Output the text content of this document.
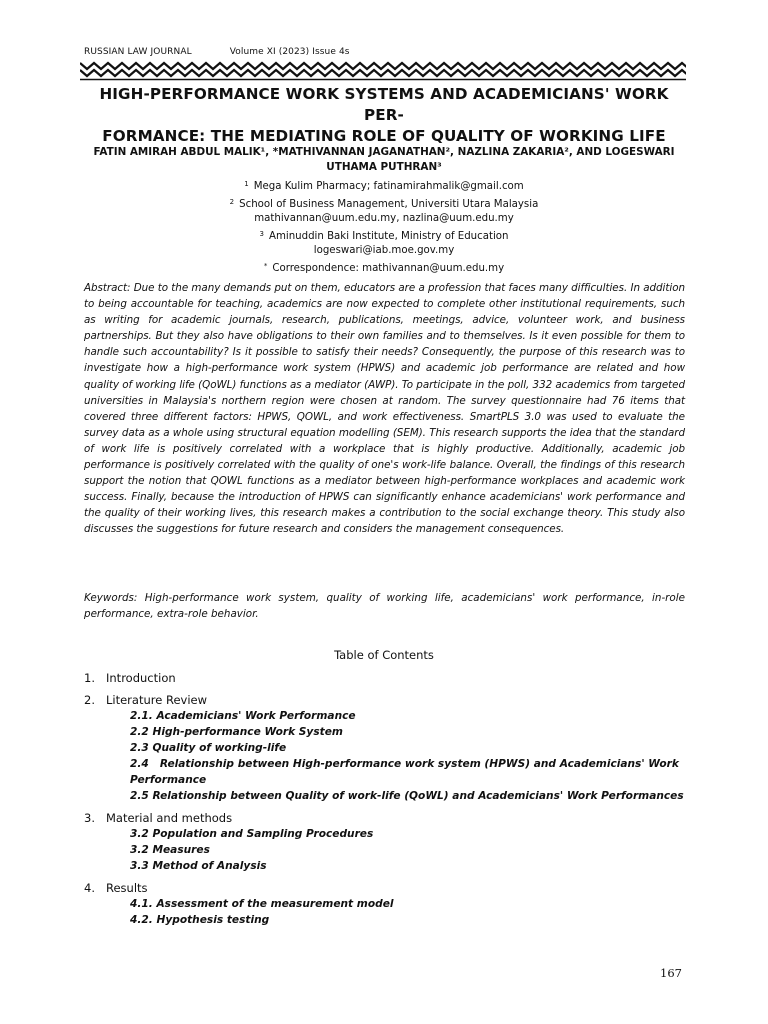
RUSSIAN LAW JOURNAL	Volume XI (2023) Issue 4s
HIGH-PERFORMANCE WORK SYSTEMS AND ACADEMICIANS' WORK PER-
FORMANCE: THE MEDIATING ROLE OF QUALITY OF WORKING LIFE
FATIN AMIRAH ABDUL MALIK¹, *MATHIVANNAN JAGANATHAN², NAZLINA ZAKARIA², AND LOGESWARI
UTHAMA PUTHRAN³
$^1$ Mega Kulim Pharmacy; fatinamirahmalik@gmail.com
$^2$ School of Business Management, Universiti Utara Malaysia
mathivannan@uum.edu.my, nazlina@uum.edu.my
$^3$ Aminuddin Baki Institute, Ministry of Education
logeswari@iab.moe.gov.my
* Correspondence: mathivannan@uum.edu.my
Abstract: Due to the many demands put on them, educators are a profession that faces many difficulties. In addition to being accountable for teaching, academics are now expected to complete other institutional requirements, such as writing for academic journals, research, publications, meetings, advice, volunteer work, and business partnerships. But they also have obligations to their own families and to themselves. Is it even possible for them to handle such accountability? Is it possible to satisfy their needs? Consequently, the purpose of this research was to investigate how a high-performance work system (HPWS) and academic job performance are related and how quality of working life (QoWL) functions as a mediator (AWP). To participate in the poll, 332 academics from targeted universities in Malaysia's northern region were chosen at random. The survey questionnaire had 76 items that covered three different factors: HPWS, QOWL, and work effectiveness. SmartPLS 3.0 was used to evaluate the survey data as a whole using structural equation modelling (SEM). This research supports the idea that the standard of work life is positively correlated with a workplace that is highly productive. Additionally, academic job performance is positively correlated with the quality of one's work-life balance. Overall, the findings of this research support the notion that QOWL functions as a mediator between high-performance workplaces and academic work success. Finally, because the introduction of HPWS can significantly enhance academicians' work performance and the quality of their working lives, this research makes a contribution to the social exchange theory. This study also discusses the suggestions for future research and considers the management consequences.
Keywords: High-performance work system, quality of working life, academicians' work performance, in-role performance, extra-role behavior.
Table of Contents
1. Introduction
2. Literature Review
2.1. Academicians' Work Performance
2.2 High-performance Work System
2.3 Quality of working-life
2.4   Relationship between High-performance work system (HPWS) and Academicians' Work Performance
2.5 Relationship between Quality of work-life (QoWL) and Academicians' Work Performances
3. Material and methods
3.2 Population and Sampling Procedures
3.2 Measures
3.3 Method of Analysis
4. Results
4.1. Assessment of the measurement model
4.2. Hypothesis testing
167
